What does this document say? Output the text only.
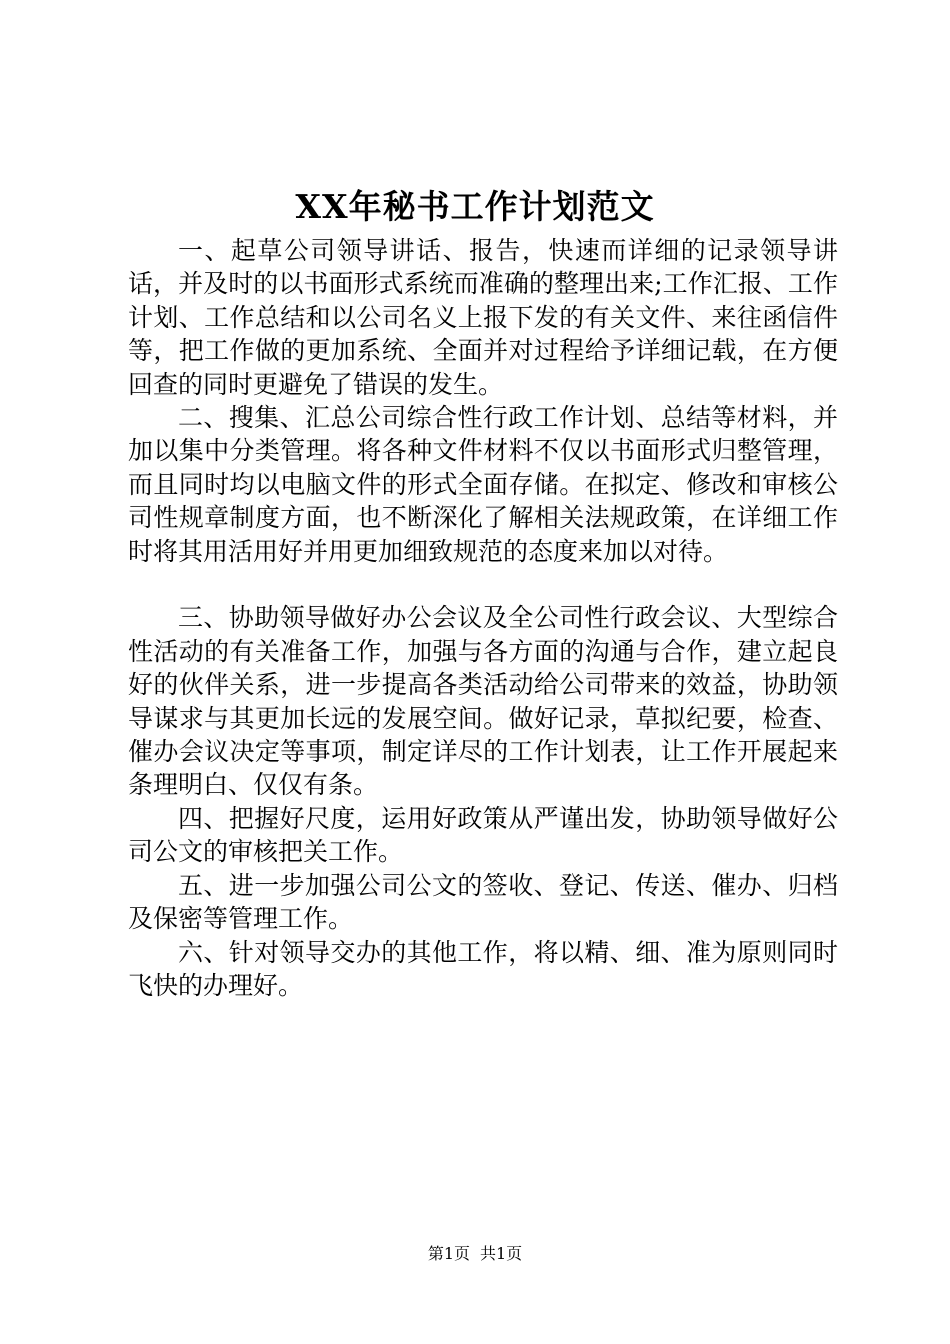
XX年秘书工作计划范文

一、起草公司领导讲话、报告，快速而详细的记录领导讲话，并及时的以书面形式系统而准确的整理出来;工作汇报、工作计划、工作总结和以公司名义上报下发的有关文件、来往函信件等，把工作做的更加系统、全面并对过程给予详细记载，在方便回查的同时更避免了错误的发生。

二、搜集、汇总公司综合性行政工作计划、总结等材料，并加以集中分类管理。将各种文件材料不仅以书面形式归整管理，而且同时均以电脑文件的形式全面存储。在拟定、修改和审核公司性规章制度方面，也不断深化了解相关法规政策，在详细工作时将其用活用好并用更加细致规范的态度来加以对待。

三、协助领导做好办公会议及全公司性行政会议、大型综合性活动的有关准备工作，加强与各方面的沟通与合作，建立起良好的伙伴关系，进一步提高各类活动给公司带来的效益，协助领导谋求与其更加长远的发展空间。做好记录，草拟纪要，检查、催办会议决定等事项，制定详尽的工作计划表，让工作开展起来条理明白、仅仅有条。

四、把握好尺度，运用好政策从严谨出发，协助领导做好公司公文的审核把关工作。

五、进一步加强公司公文的签收、登记、传送、催办、归档及保密等管理工作。

六、针对领导交办的其他工作，将以精、细、准为原则同时飞快的办理好。

第1页 共1页
